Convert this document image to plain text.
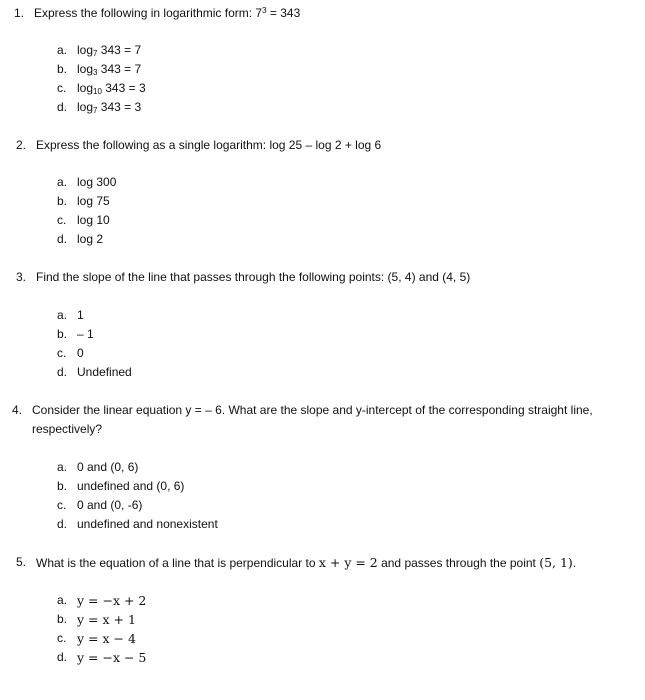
1. Express the following in logarithmic form: $7^3 = 343$
a. $\log_7 343 = 7$
b. $\log_3 343 = 7$
c. $\log_{10} 343 = 3$
d. $\log_7 343 = 3$
2. Express the following as a single logarithm: log 25 – log 2 + log 6
a. log 300
b. log 75
c. log 10
d. log 2
3. Find the slope of the line that passes through the following points: (5, 4) and (4, 5)
a. 1
b. – 1
c. 0
d. Undefined
4. Consider the linear equation y = – 6. What are the slope and y-intercept of the corresponding straight line, respectively?
a. 0 and (0, 6)
b. undefined and (0, 6)
c. 0 and (0, -6)
d. undefined and nonexistent
5. What is the equation of a line that is perpendicular to x + y = 2 and passes through the point (5, 1).
a. y = −x + 2
b. y = x + 1
c. y = x − 4
d. y = −x − 5
